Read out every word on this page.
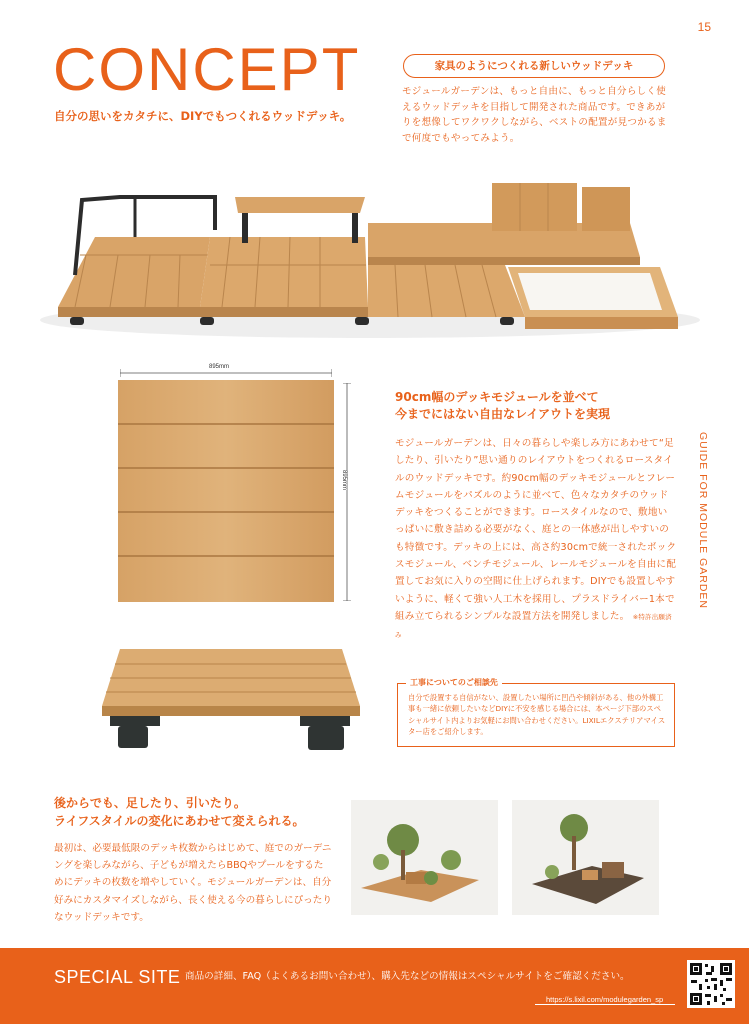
15
CONCEPT
自分の思いをカタチに、DIYでもつくれるウッドデッキ。
家具のようにつくれる新しいウッドデッキ
モジュールガーデンは、もっと自由に、もっと自分らしく使えるウッドデッキを目指して開発された商品です。できあがりを想像してワクワクしながら、ベストの配置が見つかるまで何度でもやってみよう。
895mm
895mm
90cm幅のデッキモジュールを並べて
今までにはない自由なレイアウトを実現
モジュールガーデンは、日々の暮らしや楽しみ方にあわせて“足したり、引いたり”思い通りのレイアウトをつくれるロースタイルのウッドデッキです。約90cm幅のデッキモジュールとフレームモジュールをパズルのように並べて、色々なカタチのウッドデッキをつくることができます。ロースタイルなので、敷地いっぱいに敷き詰める必要がなく、庭との一体感が出しやすいのも特徴です。デッキの上には、高さ約30cmで統一されたボックスモジュール、ベンチモジュール、レールモジュールを自由に配置してお気に入りの空間に仕上げられます。DIYでも設置しやすいように、軽くて強い人工木を採用し、プラスドライバー1本で組み立てられるシンプルな設置方法を開発しました。 ※特許出願済み
工事についてのご相談先
自分で設置する自信がない、設置したい場所に凹凸や傾斜がある、他の外構工事も一緒に依頼したいなどDIYに不安を感じる場合には、本ページ下部のスペシャルサイト内よりお気軽にお問い合わせください。LIXILエクステリアマイスター店をご紹介します。
GUIDE FOR MODULE GARDEN
後からでも、足したり、引いたり。
ライフスタイルの変化にあわせて変えられる。
最初は、必要最低限のデッキ枚数からはじめて、庭でのガーデニングを楽しみながら、子どもが増えたらBBQやプールをするためにデッキの枚数を増やしていく。モジュールガーデンは、自分好みにカスタマイズしながら、長く使える今の暮らしにぴったりなウッドデッキです。
SPECIAL SITE 商品の詳細、FAQ（よくあるお問い合わせ）、購入先などの情報はスペシャルサイトをご確認ください。
https://s.lixil.com/modulegarden_sp
